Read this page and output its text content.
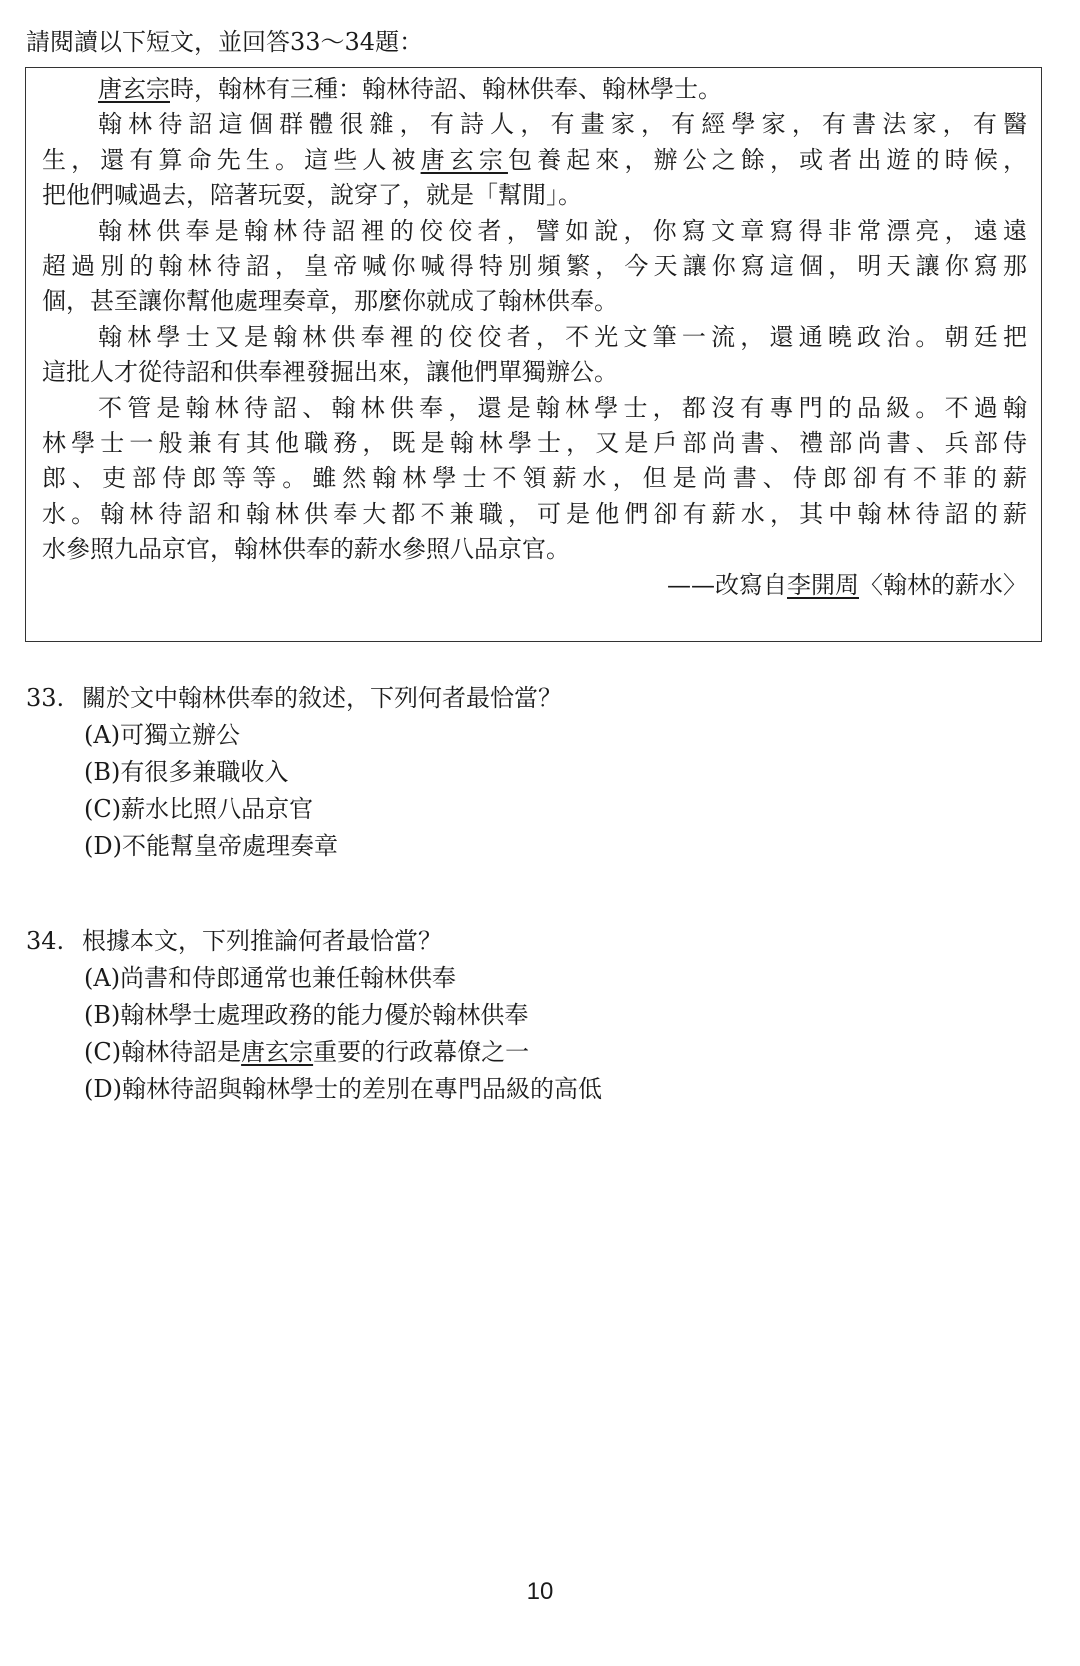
請閱讀以下短文，並回答33～34題：
唐玄宗時，翰林有三種：翰林待詔、翰林供奉、翰林學士。
翰林待詔這個群體很雜，有詩人，有畫家，有經學家，有書法家，有醫
生，還有算命先生。這些人被唐玄宗包養起來，辦公之餘，或者出遊的時候，
把他們喊過去，陪著玩耍，說穿了，就是「幫閒」。
翰林供奉是翰林待詔裡的佼佼者，譬如說，你寫文章寫得非常漂亮，遠遠
超過別的翰林待詔，皇帝喊你喊得特別頻繁，今天讓你寫這個，明天讓你寫那
個，甚至讓你幫他處理奏章，那麼你就成了翰林供奉。
翰林學士又是翰林供奉裡的佼佼者，不光文筆一流，還通曉政治。朝廷把
這批人才從待詔和供奉裡發掘出來，讓他們單獨辦公。
不管是翰林待詔、翰林供奉，還是翰林學士，都沒有專門的品級。不過翰
林學士一般兼有其他職務，既是翰林學士，又是戶部尚書、禮部尚書、兵部侍
郎、吏部侍郎等等。雖然翰林學士不領薪水，但是尚書、侍郎卻有不菲的薪
水。翰林待詔和翰林供奉大都不兼職，可是他們卻有薪水，其中翰林待詔的薪
水參照九品京官，翰林供奉的薪水參照八品京官。
——改寫自李開周〈翰林的薪水〉
33. 關於文中翰林供奉的敘述，下列何者最恰當？
(A)可獨立辦公
(B)有很多兼職收入
(C)薪水比照八品京官
(D)不能幫皇帝處理奏章
34. 根據本文，下列推論何者最恰當？
(A)尚書和侍郎通常也兼任翰林供奉
(B)翰林學士處理政務的能力優於翰林供奉
(C)翰林待詔是唐玄宗重要的行政幕僚之一
(D)翰林待詔與翰林學士的差別在專門品級的高低
10
